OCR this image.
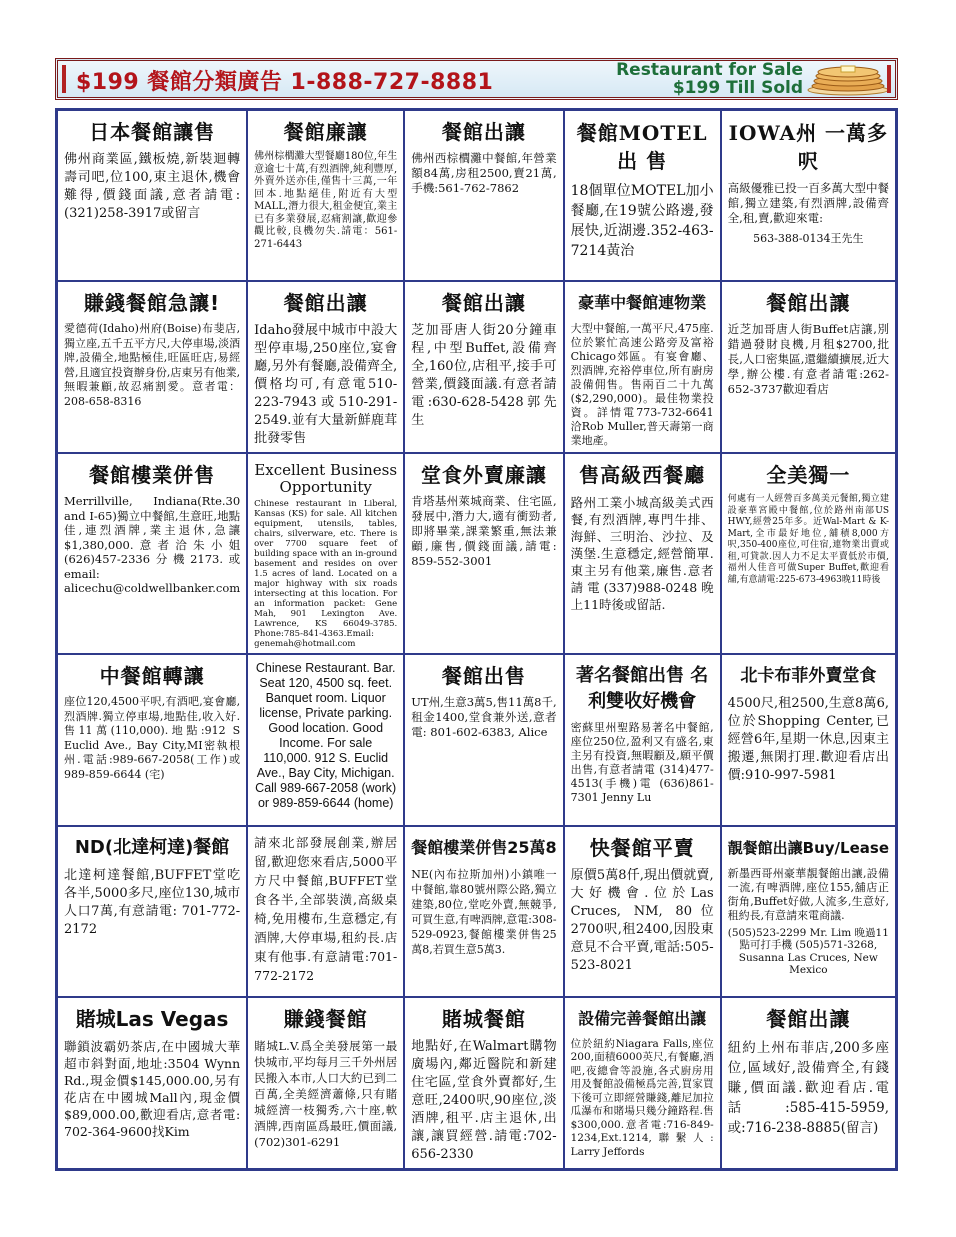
$199 餐館分類廣告 1-888-727-8881	Restaurant for Sale
$199 Till Sold
日本餐館讓售
佛州商業區,鐵板燒,新裝迴轉壽司吧,位100,東主退休,機會難得,價錢面議,意者請電:(321)258-3917或留言
餐館廉讓
佛州棕櫚灘大型餐廳180位,年生意逾七十萬,有烈酒牌,純利豐厚,外賣外送亦佳,僅售十三萬,一年回本.地點絕佳,附近有大型MALL,潛力很大,租金便宜,業主已有多業發展,忍痛割讓,歡迎參觀比較,良機勿失.請電：561-271-6443
餐館出讓
佛州西棕櫚灘中餐館,年營業額84萬,房租2500,賣21萬,手機:561-762-7862
餐館MOTEL 出 售
18個單位MOTEL加小餐廳,在19號公路邊,發展快,近湖邊.352-463-7214黃治
IOWA州 一萬多呎
高級優雅已投一百多萬大型中餐館,獨立建築,有烈酒牌,設備齊全,租,賣,歡迎來電:
563-388-0134王先生
賺錢餐館急讓!
愛德荷(Idaho)州府(Boise)布斐店,獨立座,五千五平方尺,大停車場,淡酒牌,設備全,地點極佳,旺區旺店,易經營,且適宜投資辦身份,店東另有他業,無暇兼顧,故忍痛割愛。意者電：208-658-8316
餐館出讓
Idaho發展中城市中設大型停車場,250座位,宴會廳,另外有餐廳,設備齊全,價格均可,有意電510-223-7943或510-291-2549.並有大量新鮮鹿茸批發零售
餐館出讓
芝加哥唐人街20分鐘車程,中型Buffet,設備齊全,160位,店租平,接手可營業,價錢面議.有意者請電:630-628-5428郭先生
豪華中餐館連物業
大型中餐館,一萬平尺,475座.位於繁忙高速公路旁及富裕Chicago郊區。有宴會廳、烈酒牌,充裕停車位,所有廚房設備佣售。售兩百二十九萬($2,290,000)。最佳物業投資。詳情電773-732-6641洽Rob Muller,普天壽第一商業地產。
餐館出讓
近芝加哥唐人街Buffet店讓,別錯過發財良機,月租$2700,批長,人口密集區,還繼續擴展,近大學,辦公樓.有意者請電:262-652-3737歡迎看店
餐館樓業併售
Merrillville, Indiana(Rte.30 and I-65)獨立中餐館,生意旺,地點佳,連烈酒牌,業主退休,急讓$1,380,000.意者洽朱小姐 (626)457-2336分機2173.或email: alicechu@coldwellbanker.com
Excellent Business Opportunity
Chinese restaurant in Liberal, Kansas (KS) for sale. All kitchen equipment, utensils, tables, chairs, silverware, etc. There is over 7700 square feet of building space with an in-ground basement and resides on over 1.5 acres of land. Located on a major highway with six roads intersecting at this location. For an information packet: Gene Mah, 901 Lexington Ave. Lawrence, KS 66049-3785. Phone:785-841-4363.Email: genemah@hotmail.com
堂食外賣廉讓
肯塔基州萊城商業、住宅區,發展中,潛力大,適有衝勁者,即將畢業,課業繁重,無法兼顧,廉售,價錢面議,請電: 859-552-3001
售高級西餐廳
路州工業小城高級美式西餐,有烈酒牌,專門牛排、海鮮、三明治、沙拉、及漢堡.生意穩定,經營簡單.東主另有他業,廉售.意者請電(337)988-0248晚上11時後或留話.
全美獨一
何處有一人經營百多萬美元餐館,獨立建設豪華宮殿中餐館,位於路州南部US HWY,經營25年多。近Wal-Mart & K-Mart,全市最好地位,舖積8,000方呎,350-400座位,可住宿,連物業出賣或租,可貸款.因人力不足太平賣低於市價,福州人佳音可做Super Buffet,歡迎看舖,有意請電:225-673-4963晚11時後
中餐館轉讓
座位120,4500平呎,有酒吧,宴會廳,烈酒牌.獨立停車場,地點佳,收入好.售11萬(110,000).地點:912 S Euclid Ave., Bay City,MI密執根州.電話:989-667-2058(工作)或989-859-6644 (宅)
Chinese Restaurant. Bar. Seat 120, 4500 sq. feet. Banquet room. Liquor license, Private parking. Good location. Good Income. For sale 110,000. 912 S. Euclid Ave., Bay City, Michigan. Call 989-667-2058 (work) or 989-859-6644 (home)
餐館出售
UT州,生意3萬5,售11萬8千,租金1400,堂食兼外送,意者電: 801-602-6383, Alice
著名餐館出售 名利雙收好機會
密蘇里州聖路易著名中餐館,座位250位,盈利又有盛名,東主另有投資,無暇顧及,願平價出售,有意者請電 (314)477-4513(手機)電 (636)861-7301 Jenny Lu
北卡布菲外賣堂食
4500尺,租2500,生意8萬6,位於Shopping Center,已經營6年,星期一休息,因東主搬遷,無閑打理.歡迎看店出價:910-997-5981
ND(北達柯達)餐館
北達柯達餐館,BUFFET堂吃各半,5000多尺,座位130,城市人口7萬,有意請電: 701-772-2172
請來北部發展創業,辦居留,歡迎您來看店,5000平方尺中餐館,BUFFET堂食各半,全部裝潢,高級桌椅,免用樓布,生意穩定,有酒牌,大停車場,租約長.店東有他事.有意請電:701-772-2172
餐館樓業併售25萬8
NE(內布拉斯加州)小鎮唯一中餐館,靠80號州際公路,獨立建築,80位,堂吃外賣,無競爭,可買生意,有啤酒牌,意電:308-529-0923,餐館樓業併售25萬8,若買生意5萬3.
快餐館平賣
原價5萬8仟,現出價就賣,大好機會.位於Las Cruces, NM, 80位2700呎,租2400,因股東意見不合平賣,電話:505-523-8021
靚餐館出讓Buy/Lease
新墨西哥州豪華靚餐館出讓,設備一流,有啤酒牌,座位155,舖店正街角,Buffet好做,人流多,生意好,租約長,有意請來電商議.
(505)523-2299 Mr. Lim 晚過11點可打手機 (505)571-3268, Susanna Las Cruces, New Mexico
賭城Las Vegas
聯鎖波霸奶茶店,在中國城大華超市斜對面,地址:3504 Wynn Rd.,現金價$145,000.00,另有花店在中國城Mall內,現金價$89,000.00,歡迎看店,意者電: 702-364-9600找Kim
賺錢餐館
賭城L.V.爲全美發展第一最快城市,平均每月三千外州居民搬入本市,人口大約已到二百萬,全美經濟蕭條,只有賭城經濟一枝獨秀,六十座,軟酒牌,西南區爲最旺,價面議,(702)301-6291
賭城餐館
地點好,在Walmart購物廣場內,鄰近醫院和新建住宅區,堂食外賣都好,生意旺,2400呎,90座位,淡酒牌,租平.店主退休,出讓,讓買經營.請電:702-656-2330
設備完善餐館出讓
位於紐約Niagara Falls,座位200,面積6000英尺,有餐廳,酒吧,夜總會等設施,各式廚房用用及餐館設備極爲完善,買家買下後可立即經營賺錢,離尼加拉瓜瀑布和賭場只幾分鐘路程.售$300,000.意者電:716-849-1234,Ext.1214,聯繫人: Larry Jeffords
餐館出讓
紐約上州布菲店,200多座位,區域好,設備齊全,有錢賺,價面議.歡迎看店.電話:585-415-5959,或:716-238-8885(留言)
